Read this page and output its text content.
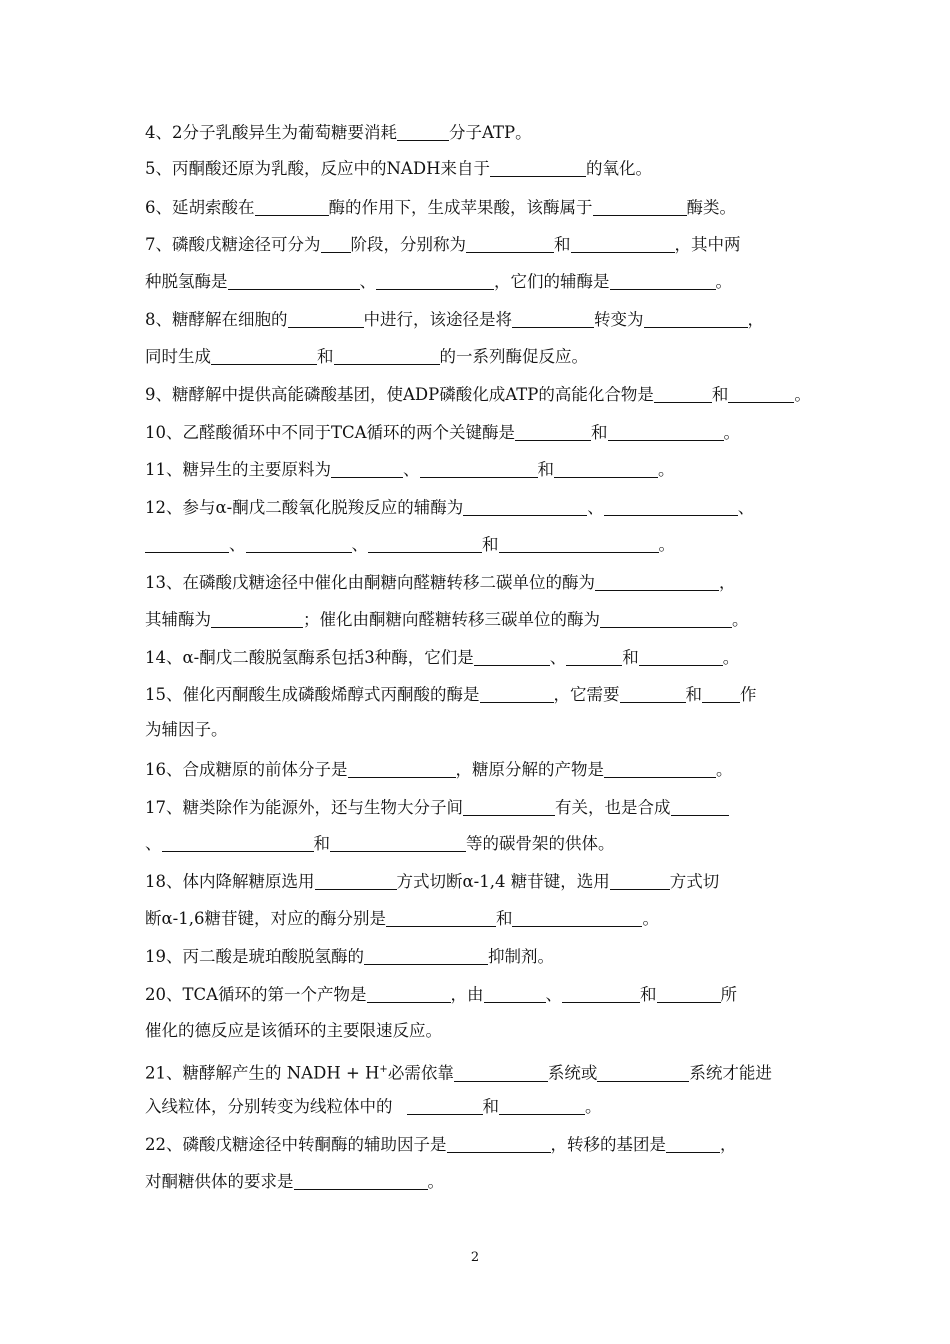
4、2分子乳酸异生为葡萄糖要消耗	分子ATP。
5、丙酮酸还原为乳酸，反应中的NADH来自于	的氧化。
6、延胡索酸在	酶的作用下，生成苹果酸，该酶属于	酶类。
7、磷酸戊糖途径可分为 阶段，分别称为	和	，其中两
种脱氢酶是	、	，它们的辅酶是	。
8、糖酵解在细胞的	中进行，该途径是将	转变为	，
同时生成	和	的一系列酶促反应。
9、糖酵解中提供高能磷酸基团，使ADP磷酸化成ATP的高能化合物是	和	。
10、乙醛酸循环中不同于TCA循环的两个关键酶是	和	。
11、糖异生的主要原料为	、	和	。
12、参与α-酮戊二酸氧化脱羧反应的辅酶为	、	、
、	、	和	。
13、在磷酸戊糖途径中催化由酮糖向醛糖转移二碳单位的酶为	，
其辅酶为	；催化由酮糖向醛糖转移三碳单位的酶为	。
14、α-酮戊二酸脱氢酶系包括3种酶，它们是	、	和	。
15、催化丙酮酸生成磷酸烯醇式丙酮酸的酶是	，它需要	和 作
为辅因子。
16、合成糖原的前体分子是	，糖原分解的产物是	。
17、糖类除作为能源外，还与生物大分子间	有关，也是合成
、	和	等的碳骨架的供体。
18、体内降解糖原选用	方式切断α-1,4 糖苷键，选用	方式切
断α-1,6糖苷键，对应的酶分别是	和	。
19、丙二酸是琥珀酸脱氢酶的	抑制剂。
20、TCA循环的第一个产物是	，由	、	和	所
催化的德反应是该循环的主要限速反应。
21、糖酵解产生的 NADH + H+必需依靠	系统或	系统才能进
入线粒体，分别转变为线粒体中的	和	。
22、磷酸戊糖途径中转酮酶的辅助因子是	，转移的基团是	，
对酮糖供体的要求是	。
2
